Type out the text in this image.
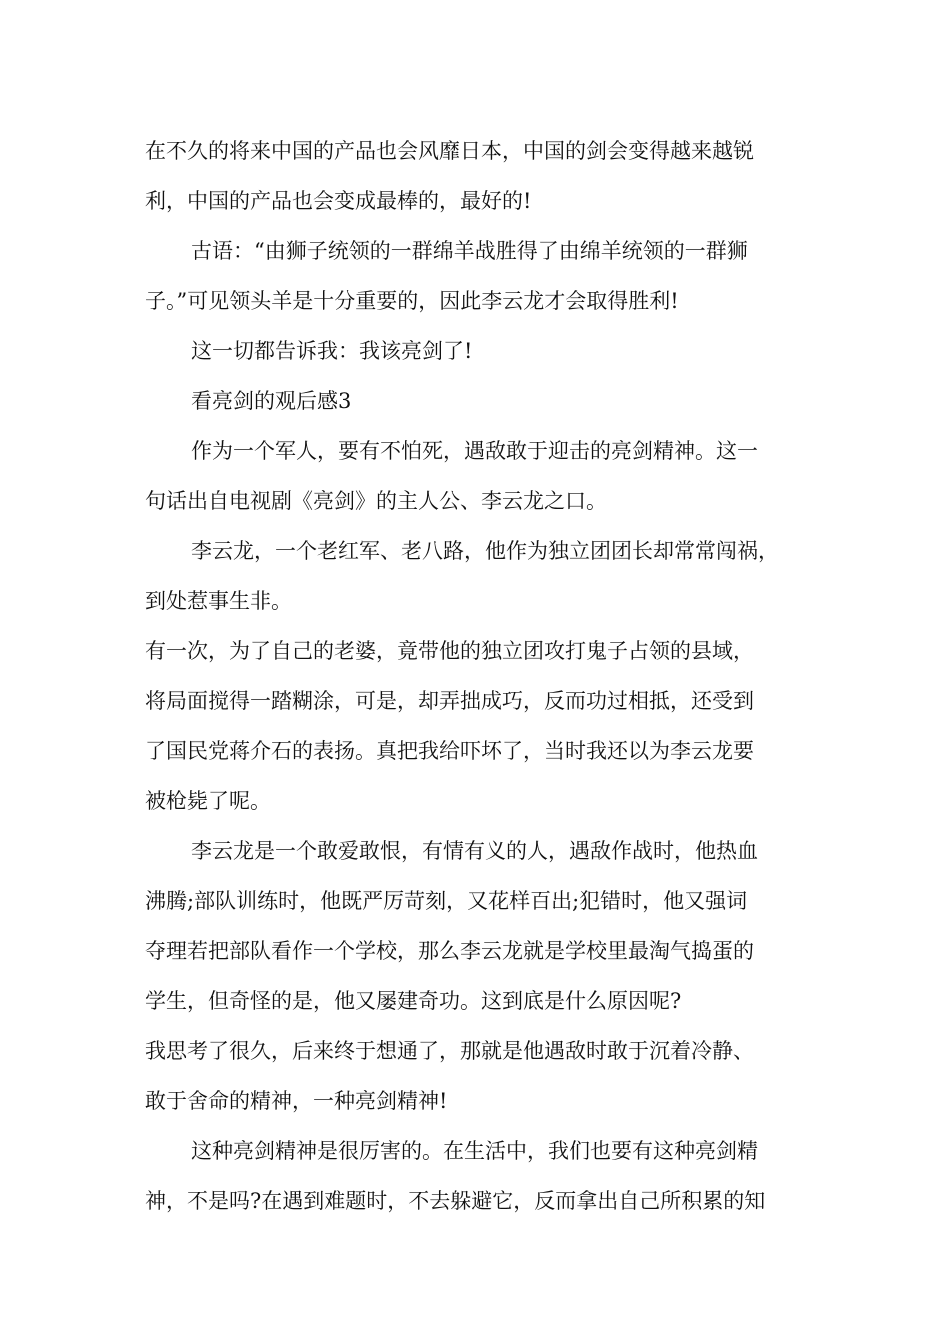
在不久的将来中国的产品也会风靡日本，中国的剑会变得越来越锐
利，中国的产品也会变成最棒的，最好的!
古语：“由狮子统领的一群绵羊战胜得了由绵羊统领的一群狮
子。”可见领头羊是十分重要的，因此李云龙才会取得胜利!
这一切都告诉我：我该亮剑了!
看亮剑的观后感3
作为一个军人，要有不怕死，遇敌敢于迎击的亮剑精神。这一
句话出自电视剧《亮剑》的主人公、李云龙之口。
李云龙，一个老红军、老八路，他作为独立团团长却常常闯祸，
到处惹事生非。
有一次，为了自己的老婆，竟带他的独立团攻打鬼子占领的县域，
将局面搅得一踏糊涂，可是，却弄拙成巧，反而功过相抵，还受到
了国民党蒋介石的表扬。真把我给吓坏了，当时我还以为李云龙要
被枪毙了呢。
李云龙是一个敢爱敢恨，有情有义的人，遇敌作战时，他热血
沸腾;部队训练时，他既严厉苛刻，又花样百出;犯错时，他又强词
夺理若把部队看作一个学校，那么李云龙就是学校里最淘气捣蛋的
学生，但奇怪的是，他又屡建奇功。这到底是什么原因呢?
我思考了很久，后来终于想通了，那就是他遇敌时敢于沉着冷静、
敢于舍命的精神，一种亮剑精神!
这种亮剑精神是很厉害的。在生活中，我们也要有这种亮剑精
神，不是吗?在遇到难题时，不去躲避它，反而拿出自己所积累的知
